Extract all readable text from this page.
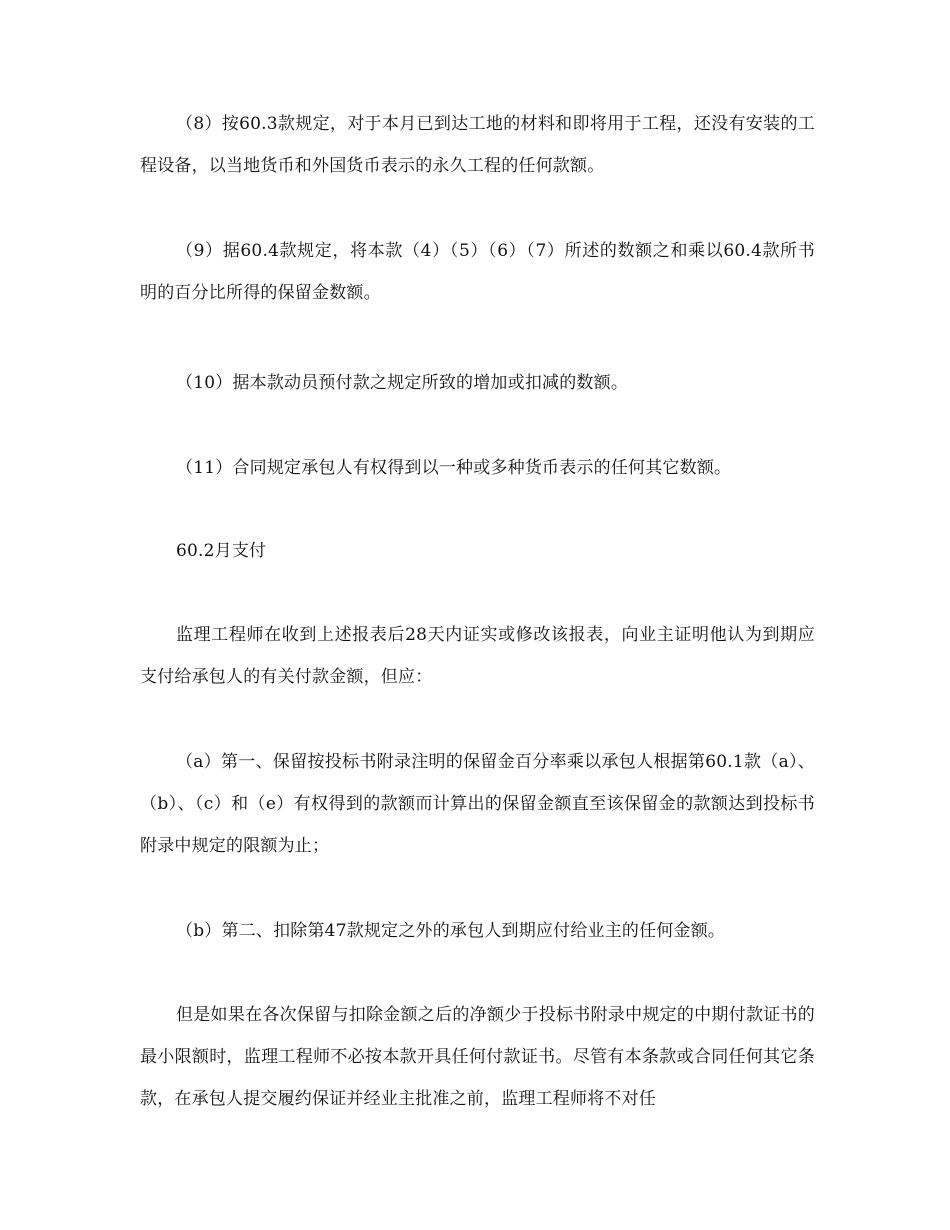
（8）按60.3款规定，对于本月已到达工地的材料和即将用于工程，还没有安装的工程设备，以当地货币和外国货币表示的永久工程的任何款额。

（9）据60.4款规定，将本款（4）（5）（6）（7）所述的数额之和乘以60.4款所书明的百分比所得的保留金数额。

（10）据本款动员预付款之规定所致的增加或扣减的数额。

（11）合同规定承包人有权得到以一种或多种货币表示的任何其它数额。

60.2月支付

监理工程师在收到上述报表后28天内证实或修改该报表，向业主证明他认为到期应支付给承包人的有关付款金额，但应：

（a）第一、保留按投标书附录注明的保留金百分率乘以承包人根据第60.1款（a）、（b）、（c）和（e）有权得到的款额而计算出的保留金额直至该保留金的款额达到投标书附录中规定的限额为止；

（b）第二、扣除第47款规定之外的承包人到期应付给业主的任何金额。

但是如果在各次保留与扣除金额之后的净额少于投标书附录中规定的中期付款证书的最小限额时，监理工程师不必按本款开具任何付款证书。尽管有本条款或合同任何其它条款，在承包人提交履约保证并经业主批准之前，监理工程师将不对任
